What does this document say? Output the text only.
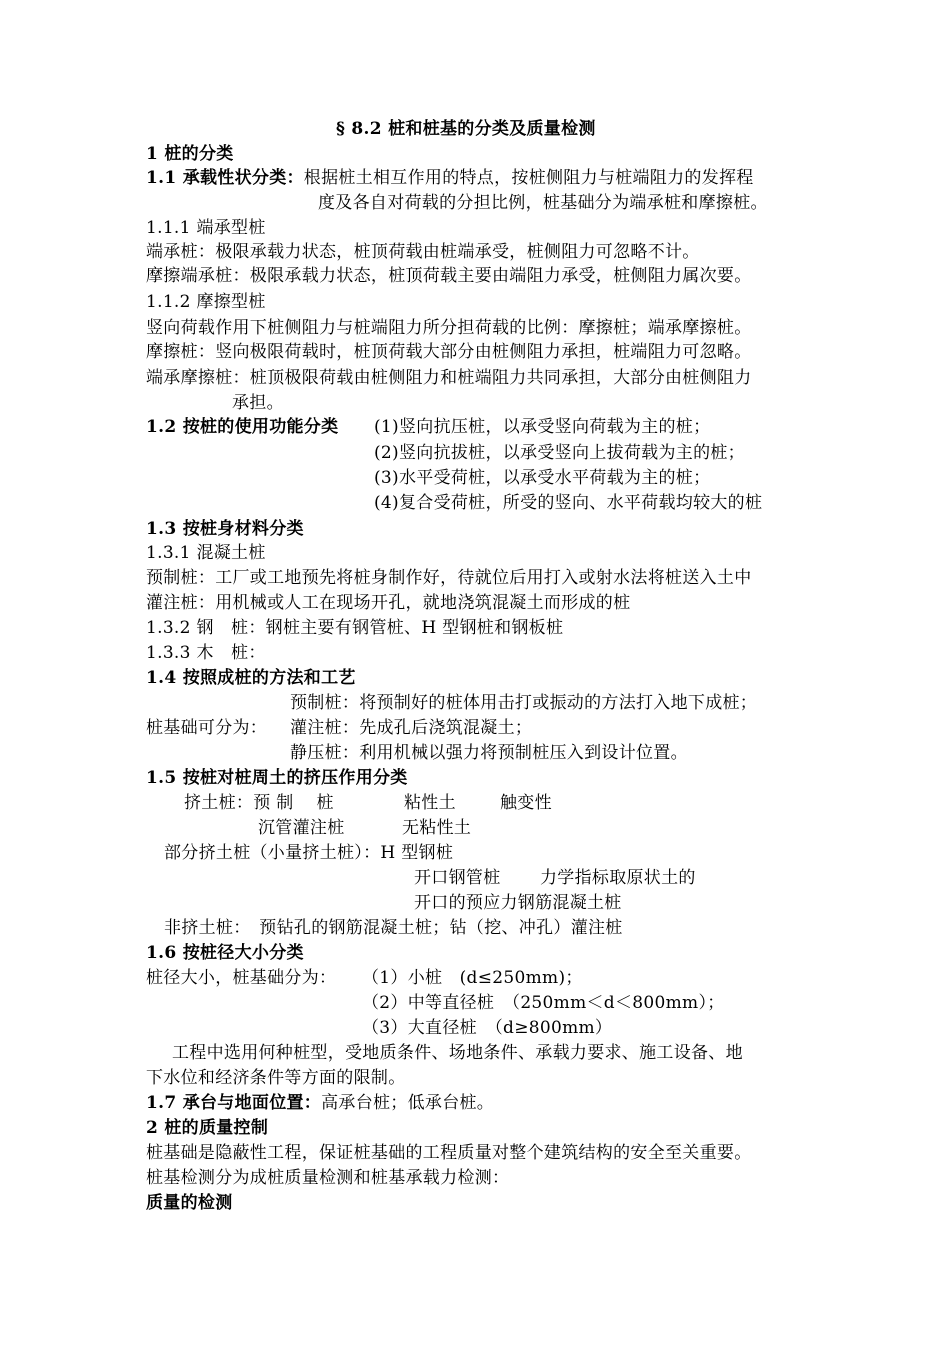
§ 8.2 桩和桩基的分类及质量检测
1 桩的分类
1.1 承载性状分类：根据桩土相互作用的特点，按桩侧阻力与桩端阻力的发挥程
度及各自对荷载的分担比例，桩基础分为端承桩和摩擦桩。
1.1.1 端承型桩
端承桩：极限承载力状态，桩顶荷载由桩端承受，桩侧阻力可忽略不计。
摩擦端承桩：极限承载力状态，桩顶荷载主要由端阻力承受，桩侧阻力属次要。
1.1.2 摩擦型桩
竖向荷载作用下桩侧阻力与桩端阻力所分担荷载的比例：摩擦桩；端承摩擦桩。
摩擦桩：竖向极限荷载时，桩顶荷载大部分由桩侧阻力承担，桩端阻力可忽略。
端承摩擦桩：桩顶极限荷载由桩侧阻力和桩端阻力共同承担，大部分由桩侧阻力
承担。
1.2 按桩的使用功能分类 (1)竖向抗压桩，以承受竖向荷载为主的桩；
(2)竖向抗拔桩，以承受竖向上拔荷载为主的桩；
(3)水平受荷桩，以承受水平荷载为主的桩；
(4)复合受荷桩，所受的竖向、水平荷载均较大的桩
1.3 按桩身材料分类
1.3.1 混凝土桩
预制桩：工厂或工地预先将桩身制作好，待就位后用打入或射水法将桩送入土中
灌注桩：用机械或人工在现场开孔，就地浇筑混凝土而形成的桩
1.3.2 钢　桩：钢桩主要有钢管桩、H 型钢桩和钢板桩
1.3.3 木　桩：
1.4 按照成桩的方法和工艺
预制桩：将预制好的桩体用击打或振动的方法打入地下成桩；
桩基础可分为： 灌注桩：先成孔后浇筑混凝土；
静压桩：利用机械以强力将预制桩压入到设计位置。
1.5 按桩对桩周土的挤压作用分类
挤土桩：预 制　 桩	粘性土	触变性
沉管灌注桩	无粘性土
部分挤土桩（小量挤土桩）：H 型钢桩
开口钢管桩 力学指标取原状土的
开口的预应力钢筋混凝土桩
非挤土桩：　预钻孔的钢筋混凝土桩；钻（挖、冲孔）灌注桩
1.6 按桩径大小分类
桩径大小，桩基础分为： （1）小桩　(d≤250mm)；
（2）中等直径桩　（250mm＜d＜800mm）；
（3）大直径桩　（d≥800mm）
工程中选用何种桩型，受地质条件、场地条件、承载力要求、施工设备、地
下水位和经济条件等方面的限制。
1.7 承台与地面位置：高承台桩；低承台桩。
2 桩的质量控制
桩基础是隐蔽性工程，保证桩基础的工程质量对整个建筑结构的安全至关重要。
桩基检测分为成桩质量检测和桩基承载力检测：
质量的检测
